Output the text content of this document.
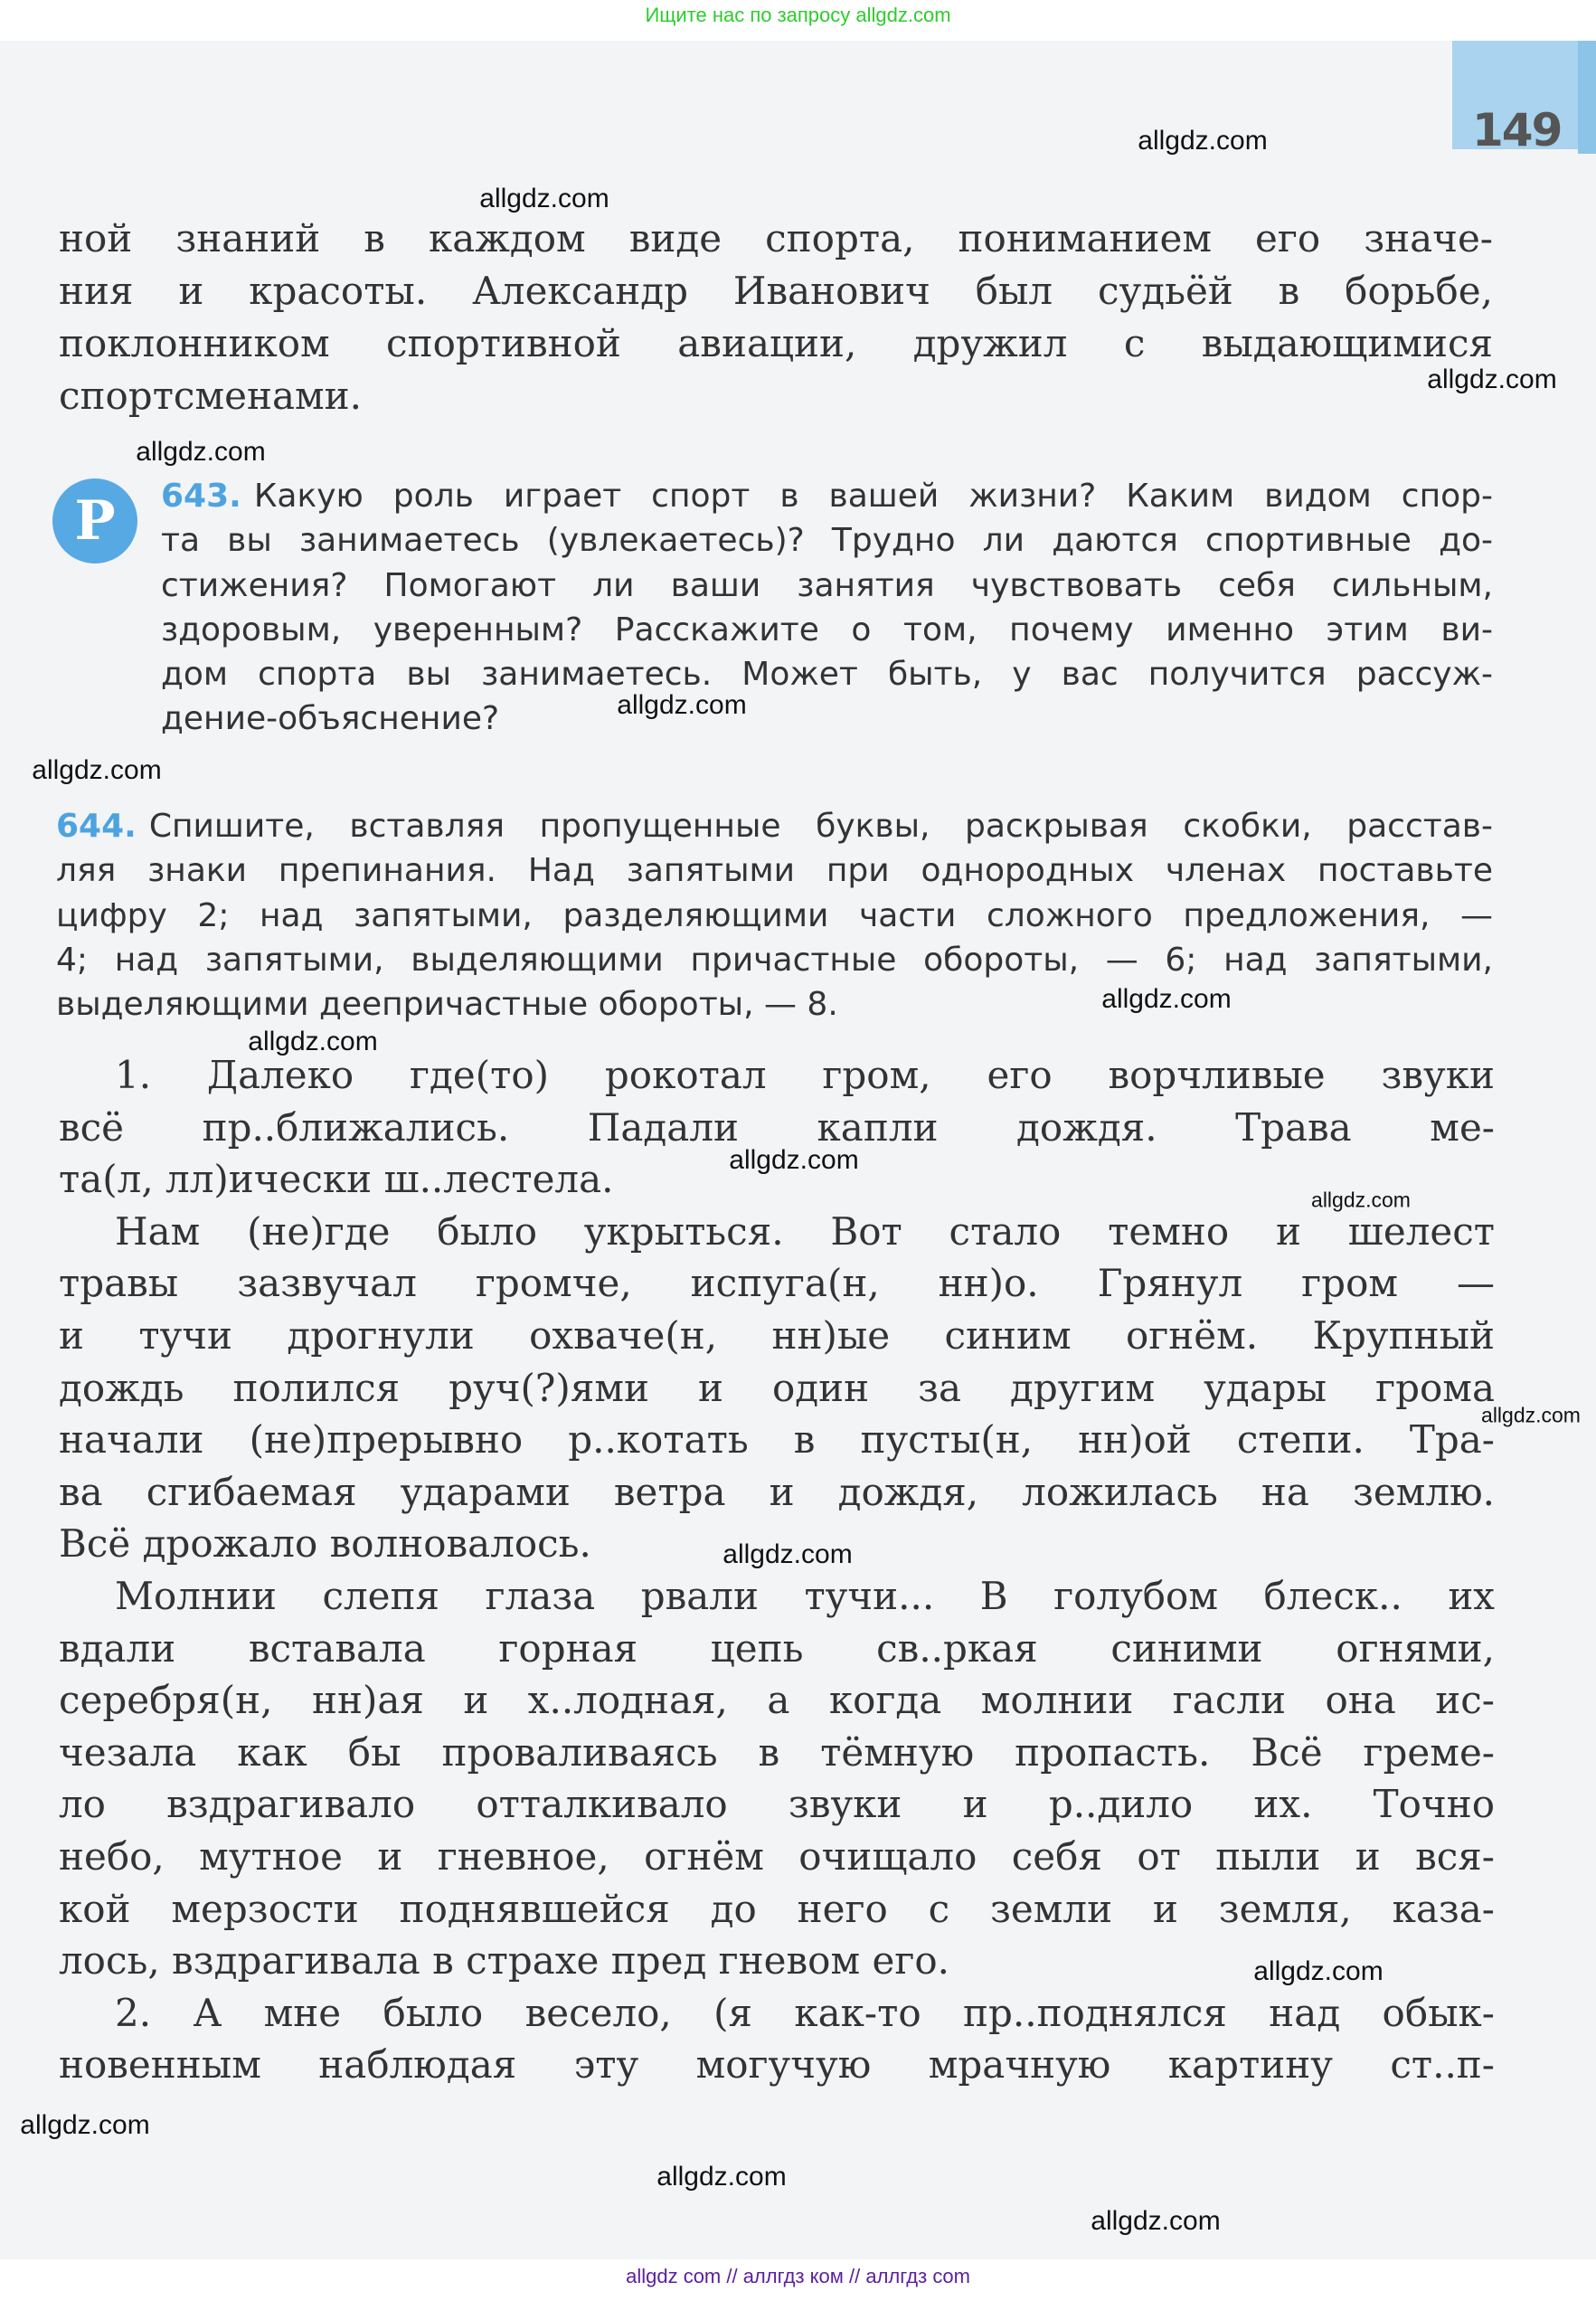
Ищите нас по запросу allgdz.com
149
ной знаний в каждом виде спорта, пониманием его значе-
ния и красоты. Александр Иванович был судьёй в борьбе,
поклонником спортивной авиации, дружил с выдающимися
спортсменами.
Р	643. Какую роль играет спорт в вашей жизни? Каким видом спор-
та вы занимаетесь (увлекаетесь)? Трудно ли даются спортивные до-
стижения? Помогают ли ваши занятия чувствовать себя сильным,
здоровым, уверенным? Расскажите о том, почему именно этим ви-
дом спорта вы занимаетесь. Может быть, у вас получится рассуж-
дение-объяснение?
644. Спишите, вставляя пропущенные буквы, раскрывая скобки, расстав-
ляя знаки препинания. Над запятыми при однородных членах поставьте
цифру 2; над запятыми, разделяющими части сложного предложения, —
4; над запятыми, выделяющими причастные обороты, — 6; над запятыми,
выделяющими деепричастные обороты, — 8.
1. Далеко где(то) рокотал гром, его ворчливые звуки
всё пр..ближались. Падали капли дождя. Трава ме-
та(л, лл)ически ш..лестела.
Нам (не)где было укрыться. Вот стало темно и шелест
травы зазвучал громче, испуга(н, нн)о. Грянул гром —
и тучи дрогнули охваче(н, нн)ые синим огнём. Крупный
дождь полился руч(?)ями и один за другим удары грома
начали (не)прерывно р..котать в пусты(н, нн)ой степи. Тра-
ва сгибаемая ударами ветра и дождя, ложилась на землю.
Всё дрожало волновалось.
Молнии слепя глаза рвали тучи... В голубом блеск.. их
вдали вставала горная цепь св..ркая синими огнями,
серебря(н, нн)ая и х..лодная, а когда молнии гасли она ис-
чезала как бы проваливаясь в тёмную пропасть. Всё греме-
ло вздрагивало отталкивало звуки и р..дило их. Точно
небо, мутное и гневное, огнём очищало себя от пыли и вся-
кой мерзости поднявшейся до него с земли и земля, каза-
лось, вздрагивала в страхе пред гневом его.
2. А мне было весело, (я как-то пр..поднялся над обык-
новенным наблюдая эту могучую мрачную картину ст..п-
allgdz.com
allgdz.com
allgdz.com
allgdz.com
allgdz.com
allgdz.com
allgdz.com
allgdz.com
allgdz.com
allgdz.com
allgdz.com
allgdz.com
allgdz.com
allgdz.com
allgdz.com
allgdz.com
allgdz com // аллгдз ком // аллгдз com
